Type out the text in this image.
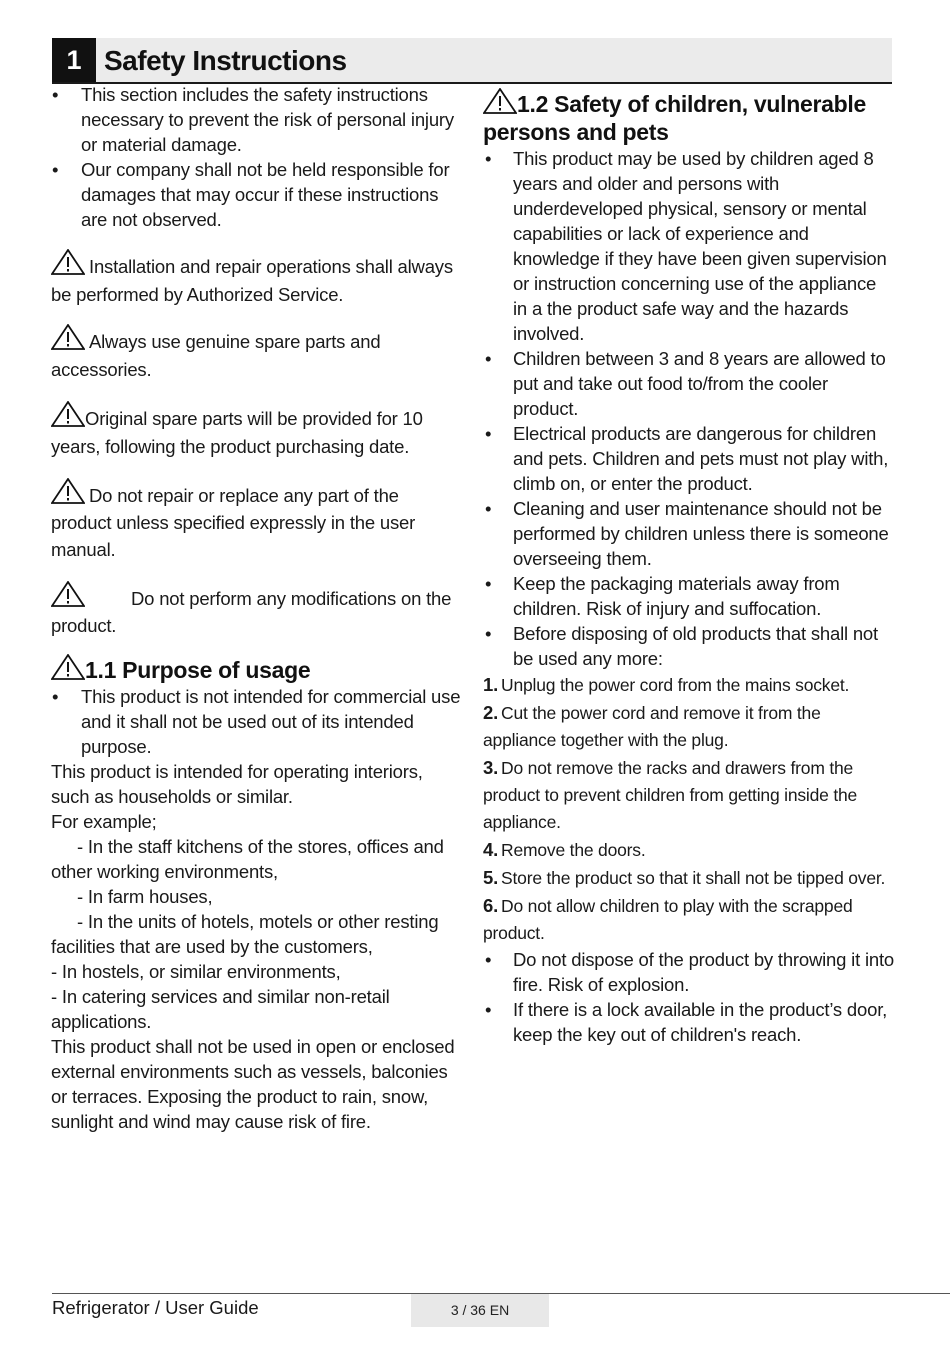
1 Safety Instructions

• This section includes the safety instructions necessary to prevent the risk of personal injury or material damage.

• Our company shall not be held responsible for damages that may occur if these instructions are not observed.

Installation and repair operations shall always be performed by Authorized Service.

Always use genuine spare parts and accessories.

Original spare parts will be provided for 10 years, following the product purchasing date.

Do not repair or replace any part of the product unless specified expressly in the user manual.

Do not perform any modifications on the product.

1.1 Purpose of usage

• This product is not intended for commercial use and it shall not be used out of its intended purpose.

This product is intended for operating interiors, such as households or similar.

For example;

- In the staff kitchens of the stores, offices and other working environments,

- In farm houses,

- In the units of hotels, motels or other resting facilities that are used by the customers,

- In hostels, or similar environments,

- In catering services and similar non-retail applications.

This product shall not be used in open or enclosed external environments such as vessels, balconies or terraces. Exposing the product to rain, snow, sunlight and wind may cause risk of fire.

1.2 Safety of children, vulnerable persons and pets

• This product may be used by children aged 8 years and older and persons with underdeveloped physical, sensory or mental capabilities or lack of experience and knowledge if they have been given supervision or instruction concerning use of the appliance in a the product safe way and the hazards involved.

• Children between 3 and 8 years are allowed to put and take out food to/from the cooler product.

• Electrical products are dangerous for children and pets. Children and pets must not play with, climb on, or enter the product.

• Cleaning and user maintenance should not be performed by children unless there is someone overseeing them.

• Keep the packaging materials away from children. Risk of injury and suffocation.

• Before disposing of old products that shall not be used any more:

1. Unplug the power cord from the mains socket.

2. Cut the power cord and remove it from the appliance together with the plug.

3. Do not remove the racks and drawers from the product to prevent children from getting inside the appliance.

4. Remove the doors.

5. Store the product so that it shall not be tipped over.

6. Do not allow children to play with the scrapped product.

• Do not dispose of the product by throwing it into fire. Risk of explosion.

• If there is a lock available in the product’s door, keep the key out of children's reach.

Refrigerator / User Guide	3 / 36 EN
